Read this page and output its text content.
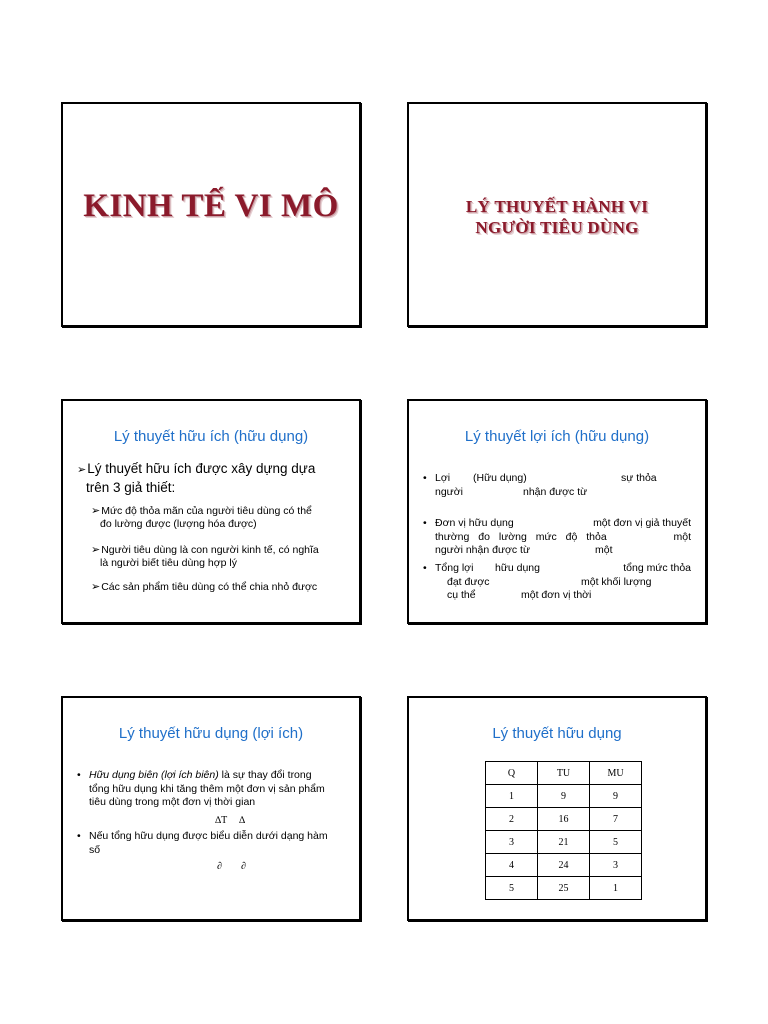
KINH TẾ VI MÔ	LÝ THUYẾT HÀNH VI
NGƯỜI TIÊU DÙNG
Lý thuyết hữu ích (hữu dụng)
➢Lý thuyết hữu ích được xây dựng dựa
trên 3 giả thiết:
➢Mức độ thỏa mãn của người tiêu dùng có thể
đo lường được (lượng hóa được)
➢Người tiêu dùng là con người kinh tế, có nghĩa
là người biết tiêu dùng hợp lý
➢Các sản phẩm tiêu dùng có thể chia nhỏ được
Lý thuyết lợi ích (hữu dụng)
• Lợi (Hữu dụng)	sự thỏa
người	nhận được từ
• Đơn vị hữu dụng	một đơn vị giả thuyết
thường đo lường mức độ thỏa	một
người nhận được từ	một
• Tổng lợi hữu dụng	tổng mức thỏa
đạt được	một khối lượng
cụ thể	một đơn vị thời
Lý thuyết hữu dụng (lợi ích)
• Hữu dụng biên (lợi ích biên) là sự thay đổi trong
tổng hữu dụng khi tăng thêm một đơn vị sản phẩm
tiêu dùng trong một đơn vị thời gian
∆T ∆
• Nếu tổng hữu dụng được biểu diễn dưới dạng hàm
số
∂ ∂
Lý thuyết hữu dụng
Q	TU	MU
1	9	9
2	16	7
3	21	5
4	24	3
5	25	1
